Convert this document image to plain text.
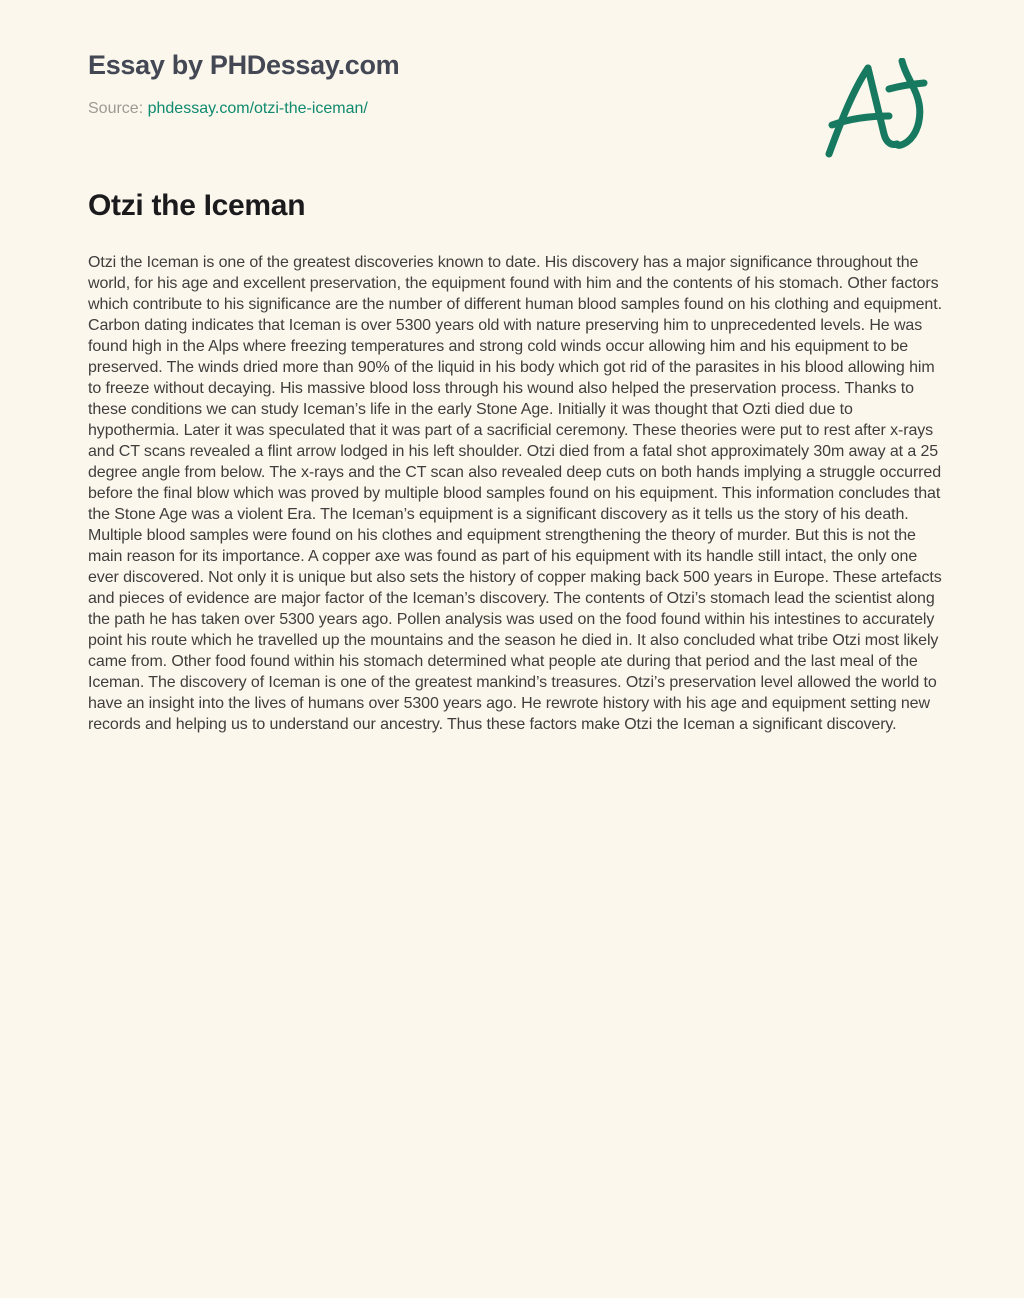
Essay by PHDessay.com
Source: phdessay.com/otzi-the-iceman/
Otzi the Iceman
Otzi the Iceman is one of the greatest discoveries known to date. His discovery has a major significance throughout the world, for his age and excellent preservation, the equipment found with him and the contents of his stomach. Other factors which contribute to his significance are the number of different human blood samples found on his clothing and equipment. Carbon dating indicates that Iceman is over 5300 years old with nature preserving him to unprecedented levels. He was found high in the Alps where freezing temperatures and strong cold winds occur allowing him and his equipment to be preserved. The winds dried more than 90% of the liquid in his body which got rid of the parasites in his blood allowing him to freeze without decaying. His massive blood loss through his wound also helped the preservation process. Thanks to these conditions we can study Iceman’s life in the early Stone Age. Initially it was thought that Ozti died due to hypothermia. Later it was speculated that it was part of a sacrificial ceremony. These theories were put to rest after x-rays and CT scans revealed a flint arrow lodged in his left shoulder. Otzi died from a fatal shot approximately 30m away at a 25 degree angle from below. The x-rays and the CT scan also revealed deep cuts on both hands implying a struggle occurred before the final blow which was proved by multiple blood samples found on his equipment. This information concludes that the Stone Age was a violent Era. The Iceman’s equipment is a significant discovery as it tells us the story of his death. Multiple blood samples were found on his clothes and equipment strengthening the theory of murder. But this is not the main reason for its importance. A copper axe was found as part of his equipment with its handle still intact, the only one ever discovered. Not only it is unique but also sets the history of copper making back 500 years in Europe. These artefacts and pieces of evidence are major factor of the Iceman’s discovery. The contents of Otzi’s stomach lead the scientist along the path he has taken over 5300 years ago. Pollen analysis was used on the food found within his intestines to accurately point his route which he travelled up the mountains and the season he died in. It also concluded what tribe Otzi most likely came from. Other food found within his stomach determined what people ate during that period and the last meal of the Iceman. The discovery of Iceman is one of the greatest mankind’s treasures. Otzi’s preservation level allowed the world to have an insight into the lives of humans over 5300 years ago. He rewrote history with his age and equipment setting new records and helping us to understand our ancestry. Thus these factors make Otzi the Iceman a significant discovery.
